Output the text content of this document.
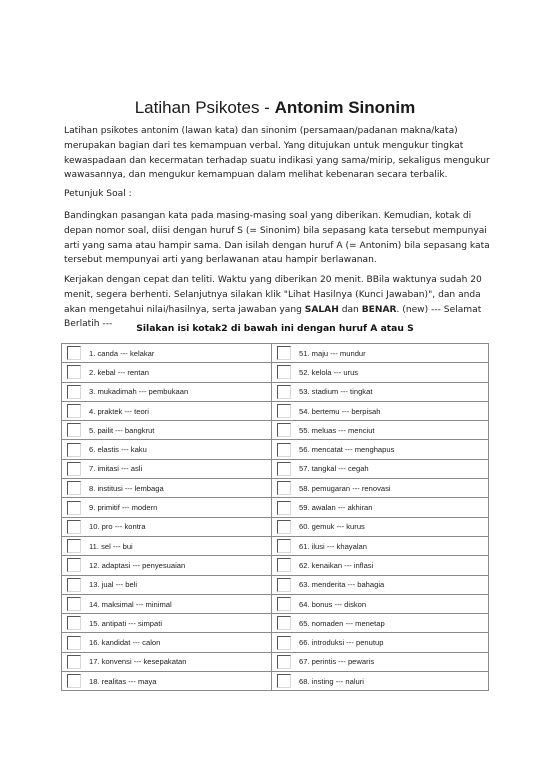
Latihan Psikotes - Antonim Sinonim
Latihan psikotes antonim (lawan kata) dan sinonim (persamaan/padanan makna/kata) merupakan bagian dari tes kemampuan verbal. Yang ditujukan untuk mengukur tingkat kewaspadaan dan kecermatan terhadap suatu indikasi yang sama/mirip, sekaligus mengukur wawasannya, dan mengukur kemampuan dalam melihat kebenaran secara terbalik.
Petunjuk Soal :
Bandingkan pasangan kata pada masing-masing soal yang diberikan. Kemudian, kotak di depan nomor soal, diisi dengan huruf S (= Sinonim) bila sepasang kata tersebut mempunyai arti yang sama atau hampir sama. Dan isilah dengan huruf A (= Antonim) bila sepasang kata tersebut mempunyai arti yang berlawanan atau hampir berlawanan.
Kerjakan dengan cepat dan teliti. Waktu yang diberikan 20 menit. BBila waktunya sudah 20 menit, segera berhenti. Selanjutnya silakan klik "Lihat Hasilnya (Kunci Jawaban)", dan anda akan mengetahui nilai/hasilnya, serta jawaban yang SALAH dan BENAR. (new) --- Selamat Berlatih ---	Silakan isi kotak2 di bawah ini dengan huruf A atau S
1. canda --- kelakar	51. maju --- mundur

2. kebal --- rentan	52. kelola --- urus

3. mukadimah --- pembukaan	53. stadium --- tingkat

4. praktek --- teori	54. bertemu --- berpisah

5. pailit --- bangkrut	55. meluas --- menciut

6. elastis --- kaku	56. mencatat --- menghapus

7. imitasi --- asli	57. tangkal --- cegah

8. institusi --- lembaga	58. pemugaran --- renovasi

9. primitif --- modern	59. awalan --- akhiran

10. pro --- kontra	60. gemuk --- kurus

11. sel --- bui	61. ilusi --- khayalan

12. adaptasi --- penyesuaian	62. kenaikan --- inflasi

13. jual --- beli	63. menderita --- bahagia

14. maksimal --- minimal	64. bonus --- diskon

15. antipati --- simpati	65. nomaden --- menetap

16. kandidat --- calon	66. introduksi --- penutup

17. konvensi --- kesepakatan	67. perintis --- pewaris

18. realitas --- maya	68. insting --- naluri
